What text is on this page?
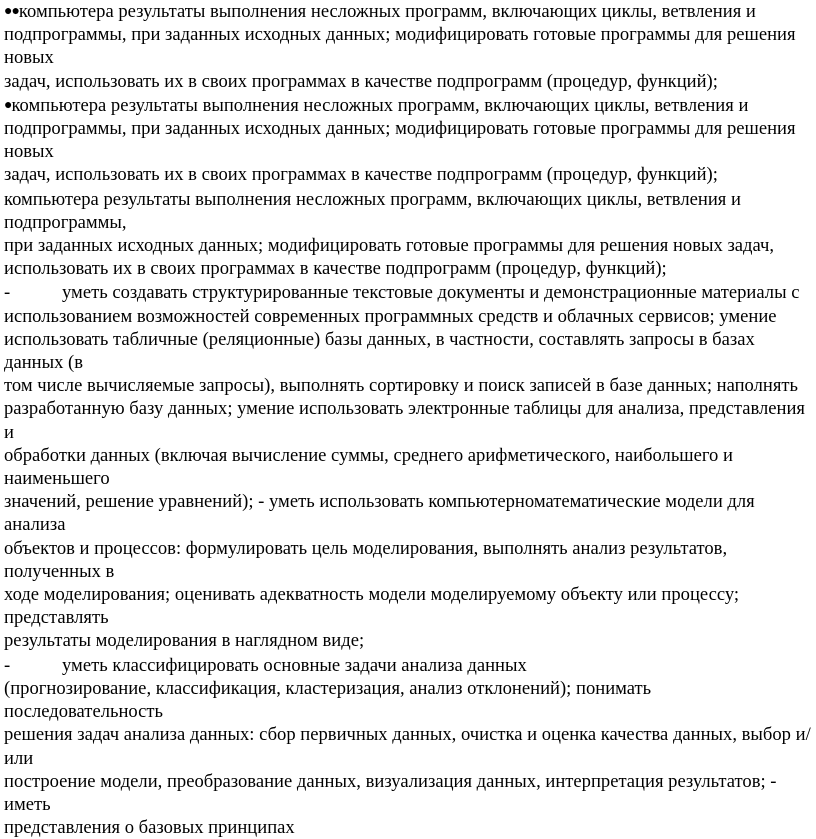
●●компьютера результаты выполнения несложных программ, включающих циклы, ветвления и
подпрограммы, при заданных исходных данных; модифицировать готовые программы для решения новых
задач, использовать их в своих программах в качестве подпрограмм (процедур, функций);

●компьютера результаты выполнения несложных программ, включающих циклы, ветвления и
подпрограммы, при заданных исходных данных; модифицировать готовые программы для решения новых
задач, использовать их в своих программах в качестве подпрограмм (процедур, функций);

компьютера результаты выполнения несложных программ, включающих циклы, ветвления и подпрограммы,
при заданных исходных данных; модифицировать готовые программы для решения новых задач,
использовать их в своих программах в качестве подпрограмм (процедур, функций);

-	уметь создавать структурированные текстовые документы и демонстрационные материалы с
использованием возможностей современных программных средств и облачных сервисов; умение
использовать табличные (реляционные) базы данных, в частности, составлять запросы в базах данных (в
том числе вычисляемые запросы), выполнять сортировку и поиск записей в базе данных; наполнять
разработанную базу данных; умение использовать электронные таблицы для анализа, представления и
обработки данных (включая вычисление суммы, среднего арифметического, наибольшего и наименьшего
значений, решение уравнений); - уметь использовать компьютерноматематические модели для анализа
объектов и процессов: формулировать цель моделирования, выполнять анализ результатов, полученных в
ходе моделирования; оценивать адекватность модели моделируемому объекту или процессу; представлять
результаты моделирования в наглядном виде;
-	уметь классифицировать основные задачи анализа данных
(прогнозирование, классификация, кластеризация, анализ отклонений); понимать последовательность
решения задач анализа данных: сбор первичных данных, очистка и оценка качества данных, выбор и/или
построение модели, преобразование данных, визуализация данных, интерпретация результатов; - иметь
представления о базовых принципах
